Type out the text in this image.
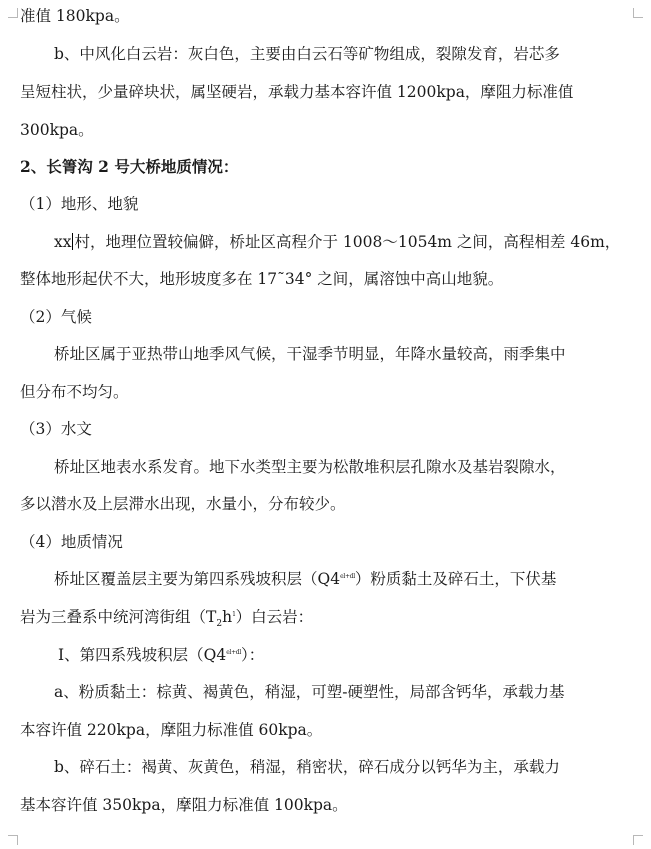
准值 180kpa。
b、中风化白云岩：灰白色，主要由白云石等矿物组成，裂隙发育，岩芯多
呈短柱状，少量碎块状，属坚硬岩，承载力基本容许值 1200kpa，摩阻力标准值
300kpa。
2、长箐沟 2 号大桥地质情况：
（1）地形、地貌
xx 村，地理位置较偏僻，桥址区高程介于 1008～1054m 之间，高程相差 46m，
整体地形起伏不大，地形坡度多在 17˜34° 之间，属溶蚀中高山地貌。
（2）气候
桥址区属于亚热带山地季风气候，干湿季节明显，年降水量较高，雨季集中
但分布不均匀。
（3）水文
桥址区地表水系发育。地下水类型主要为松散堆积层孔隙水及基岩裂隙水，
多以潜水及上层滞水出现，水量小，分布较少。
（4）地质情况
桥址区覆盖层主要为第四系残坡积层$(Q4^{el+dl})$粉质黏土及碎石土，下伏基
岩为三叠系中统河湾街组$(T_2h^1)$白云岩：
Ⅰ、第四系残坡积层$(Q4^{el+dl})$：
a、粉质黏土：棕黄、褐黄色，稍湿，可塑-硬塑性，局部含钙华，承载力基
本容许值 220kpa，摩阻力标准值 60kpa。
b、碎石土：褐黄、灰黄色，稍湿，稍密状，碎石成分以钙华为主，承载力
基本容许值 350kpa，摩阻力标准值 100kpa。
